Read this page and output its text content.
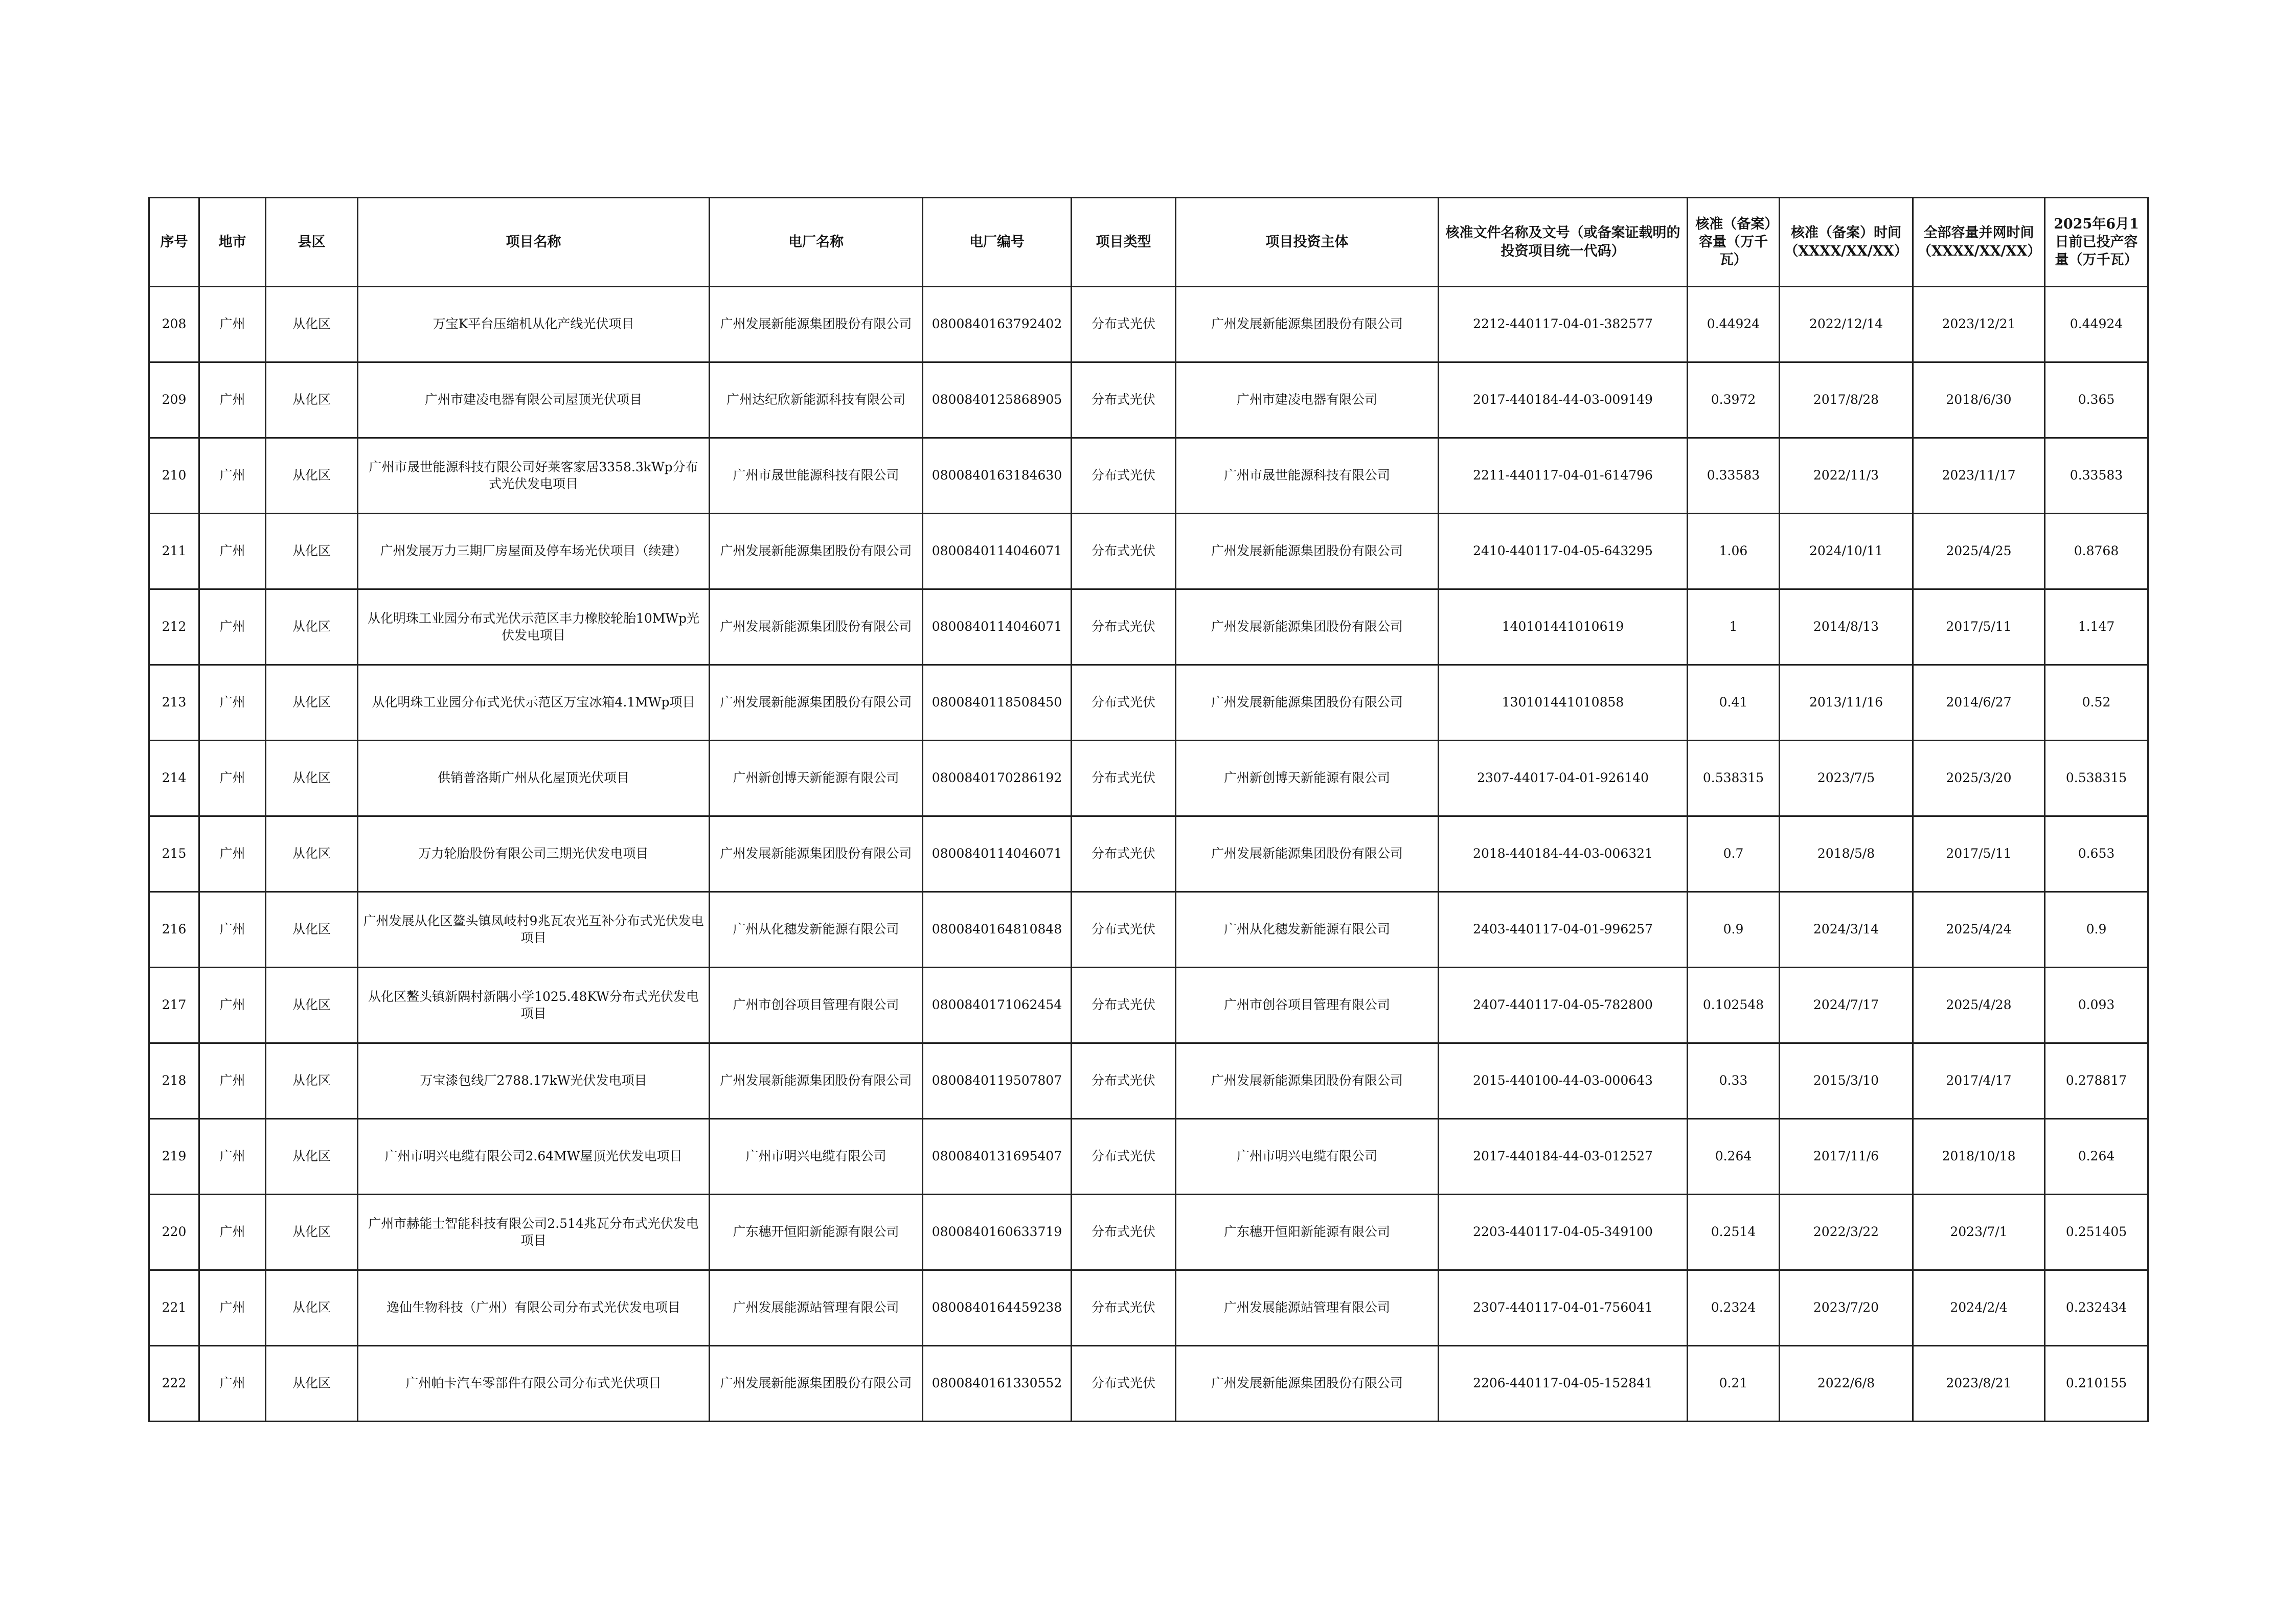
序号	地市	县区	项目名称	电厂名称	电厂编号	项目类型	项目投资主体	核准文件名称及文号（或备案证载明的投资项目统一代码）	核准（备案）容量（万千瓦）	核准（备案）时间（XXXX/XX/XX）	全部容量并网时间（XXXX/XX/XX）	2025年6月1日前已投产容量（万千瓦）
208	广州	从化区	万宝K平台压缩机从化产线光伏项目	广州发展新能源集团股份有限公司	0800840163792402	分布式光伏	广州发展新能源集团股份有限公司	2212-440117-04-01-382577	0.44924	2022/12/14	2023/12/21	0.44924
209	广州	从化区	广州市建凌电器有限公司屋顶光伏项目	广州达纪欣新能源科技有限公司	0800840125868905	分布式光伏	广州市建凌电器有限公司	2017-440184-44-03-009149	0.3972	2017/8/28	2018/6/30	0.365
210	广州	从化区	广州市晟世能源科技有限公司好莱客家居3358.3kWp分布式光伏发电项目	广州市晟世能源科技有限公司	0800840163184630	分布式光伏	广州市晟世能源科技有限公司	2211-440117-04-01-614796	0.33583	2022/11/3	2023/11/17	0.33583
211	广州	从化区	广州发展万力三期厂房屋面及停车场光伏项目（续建）	广州发展新能源集团股份有限公司	0800840114046071	分布式光伏	广州发展新能源集团股份有限公司	2410-440117-04-05-643295	1.06	2024/10/11	2025/4/25	0.8768
212	广州	从化区	从化明珠工业园分布式光伏示范区丰力橡胶轮胎10MWp光伏发电项目	广州发展新能源集团股份有限公司	0800840114046071	分布式光伏	广州发展新能源集团股份有限公司	140101441010619	1	2014/8/13	2017/5/11	1.147
213	广州	从化区	从化明珠工业园分布式光伏示范区万宝冰箱4.1MWp项目	广州发展新能源集团股份有限公司	0800840118508450	分布式光伏	广州发展新能源集团股份有限公司	130101441010858	0.41	2013/11/16	2014/6/27	0.52
214	广州	从化区	供销普洛斯广州从化屋顶光伏项目	广州新创博天新能源有限公司	0800840170286192	分布式光伏	广州新创博天新能源有限公司	2307-44017-04-01-926140	0.538315	2023/7/5	2025/3/20	0.538315
215	广州	从化区	万力轮胎股份有限公司三期光伏发电项目	广州发展新能源集团股份有限公司	0800840114046071	分布式光伏	广州发展新能源集团股份有限公司	2018-440184-44-03-006321	0.7	2018/5/8	2017/5/11	0.653
216	广州	从化区	广州发展从化区鳌头镇凤岐村9兆瓦农光互补分布式光伏发电项目	广州从化穗发新能源有限公司	0800840164810848	分布式光伏	广州从化穗发新能源有限公司	2403-440117-04-01-996257	0.9	2024/3/14	2025/4/24	0.9
217	广州	从化区	从化区鳌头镇新隅村新隅小学1025.48KW分布式光伏发电项目	广州市创谷项目管理有限公司	0800840171062454	分布式光伏	广州市创谷项目管理有限公司	2407-440117-04-05-782800	0.102548	2024/7/17	2025/4/28	0.093
218	广州	从化区	万宝漆包线厂2788.17kW光伏发电项目	广州发展新能源集团股份有限公司	0800840119507807	分布式光伏	广州发展新能源集团股份有限公司	2015-440100-44-03-000643	0.33	2015/3/10	2017/4/17	0.278817
219	广州	从化区	广州市明兴电缆有限公司2.64MW屋顶光伏发电项目	广州市明兴电缆有限公司	0800840131695407	分布式光伏	广州市明兴电缆有限公司	2017-440184-44-03-012527	0.264	2017/11/6	2018/10/18	0.264
220	广州	从化区	广州市赫能士智能科技有限公司2.514兆瓦分布式光伏发电项目	广东穗开恒阳新能源有限公司	0800840160633719	分布式光伏	广东穗开恒阳新能源有限公司	2203-440117-04-05-349100	0.2514	2022/3/22	2023/7/1	0.251405
221	广州	从化区	逸仙生物科技（广州）有限公司分布式光伏发电项目	广州发展能源站管理有限公司	0800840164459238	分布式光伏	广州发展能源站管理有限公司	2307-440117-04-01-756041	0.2324	2023/7/20	2024/2/4	0.232434
222	广州	从化区	广州帕卡汽车零部件有限公司分布式光伏项目	广州发展新能源集团股份有限公司	0800840161330552	分布式光伏	广州发展新能源集团股份有限公司	2206-440117-04-05-152841	0.21	2022/6/8	2023/8/21	0.210155
